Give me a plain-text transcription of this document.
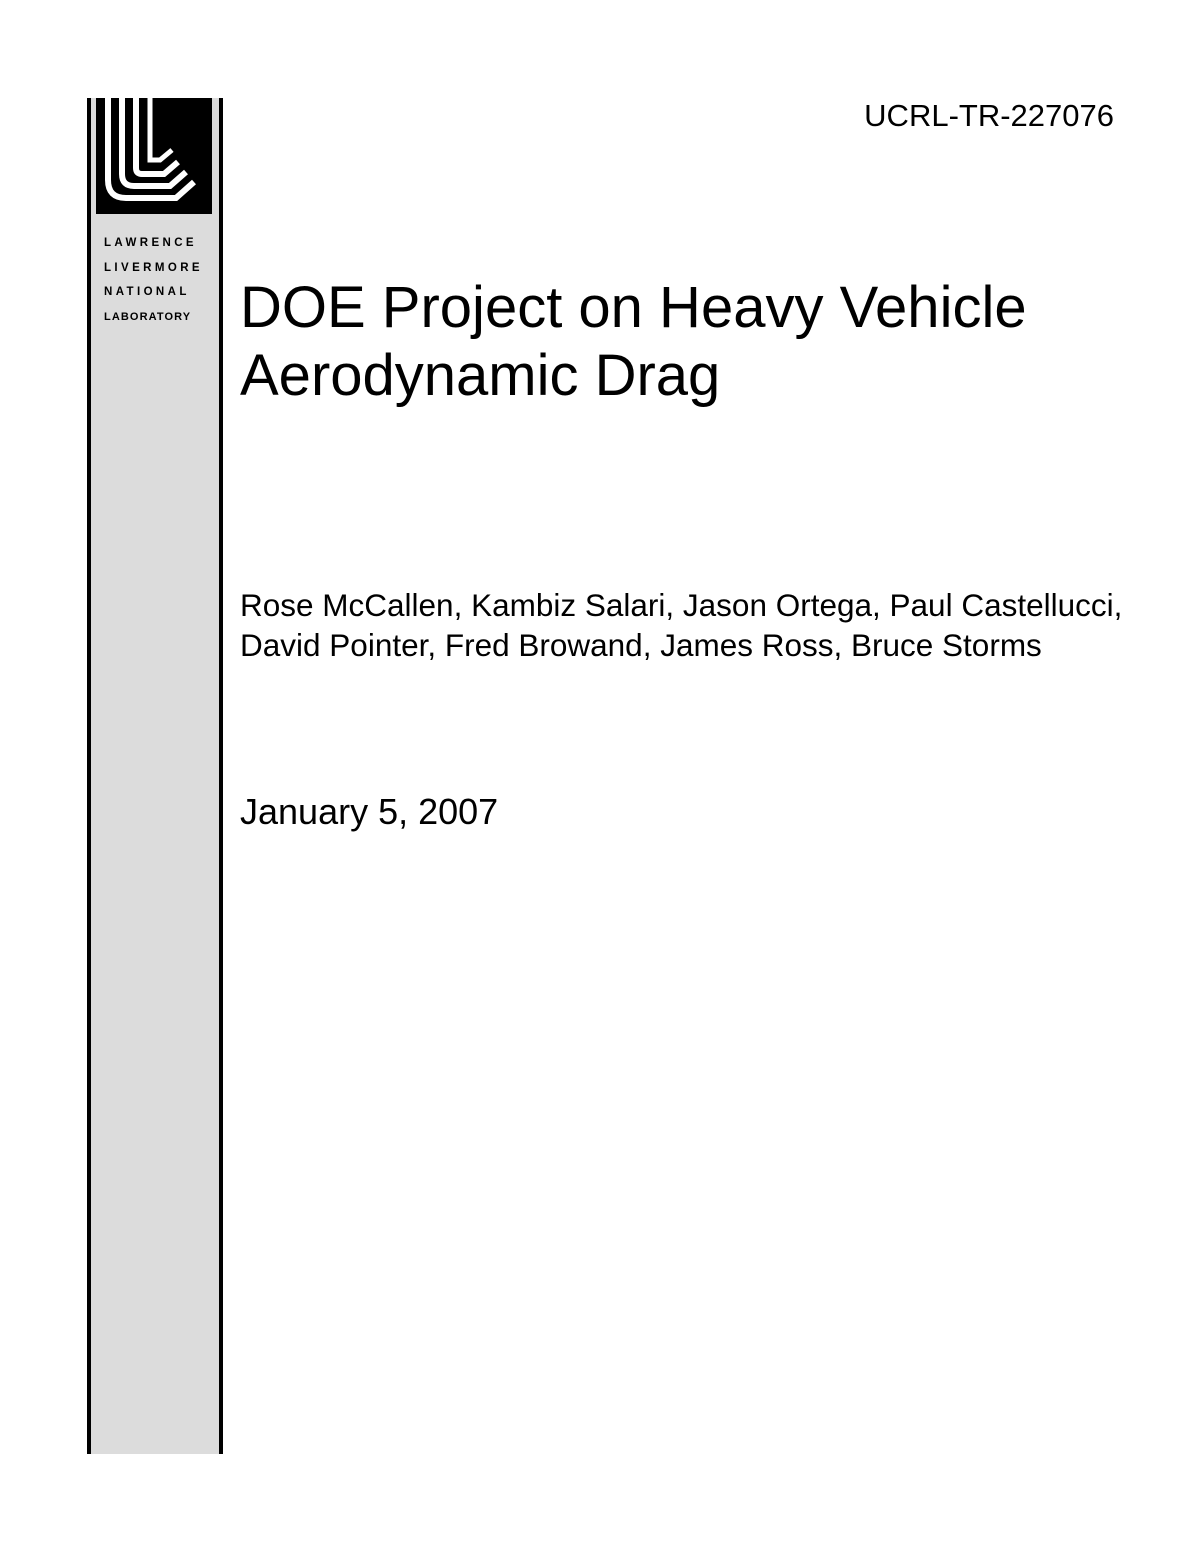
LAWRENCE
LIVERMORE
NATIONAL
LABORATORY
UCRL-TR-227076
DOE Project on Heavy Vehicle Aerodynamic Drag
Rose McCallen, Kambiz Salari, Jason Ortega, Paul Castellucci, David Pointer, Fred Browand, James Ross, Bruce Storms
January 5, 2007
